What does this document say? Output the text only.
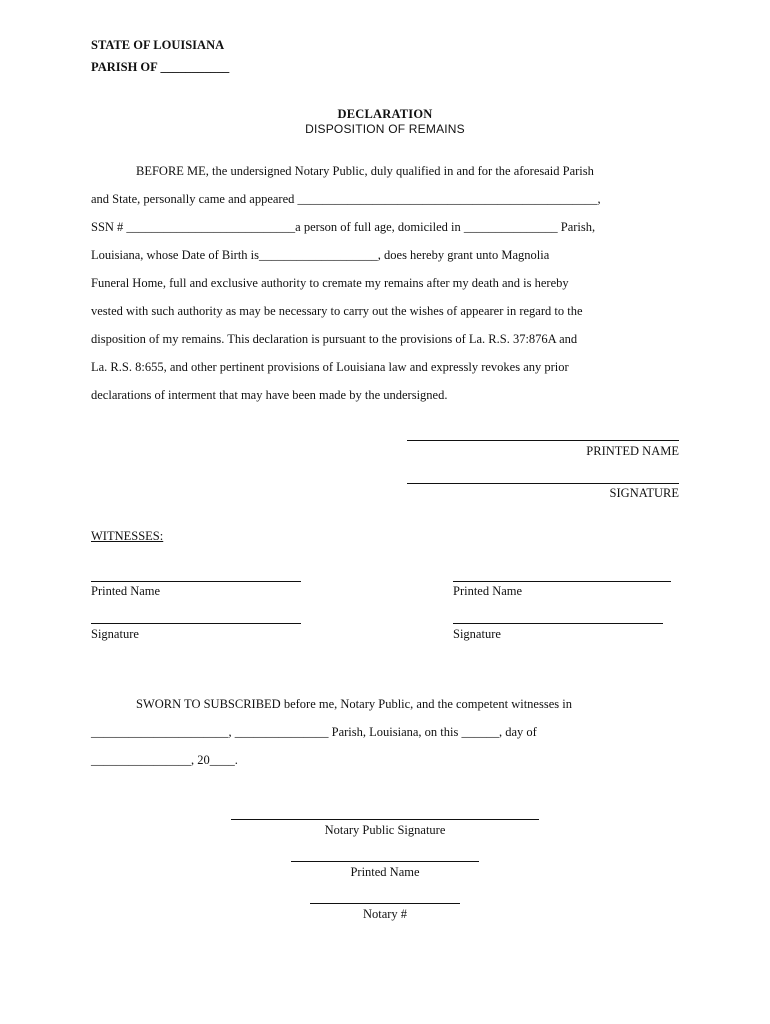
STATE OF LOUISIANA
PARISH OF ___________
DECLARATION
DISPOSITION OF REMAINS
BEFORE ME, the undersigned Notary Public, duly qualified in and for the aforesaid Parish
and State, personally came and appeared ________________________________________________,
SSN # ___________________________a person of full age, domiciled in _______________ Parish,
Louisiana, whose Date of Birth is___________________, does hereby grant unto Magnolia
Funeral Home, full and exclusive authority to cremate my remains after my death and is hereby
vested with such authority as may be necessary to carry out the wishes of appearer in regard to the
disposition of my remains. This declaration is pursuant to the provisions of La. R.S. 37:876A and
La. R.S. 8:655, and other pertinent provisions of Louisiana law and expressly revokes any prior
declarations of interment that may have been made by the undersigned.
PRINTED NAME
SIGNATURE
WITNESSES:
Printed Name
Signature
Printed Name
Signature
SWORN TO SUBSCRIBED before me, Notary Public, and the competent witnesses in
______________________, _______________ Parish, Louisiana, on this ______, day of
________________, 20____.
Notary Public Signature
Printed Name
Notary #
